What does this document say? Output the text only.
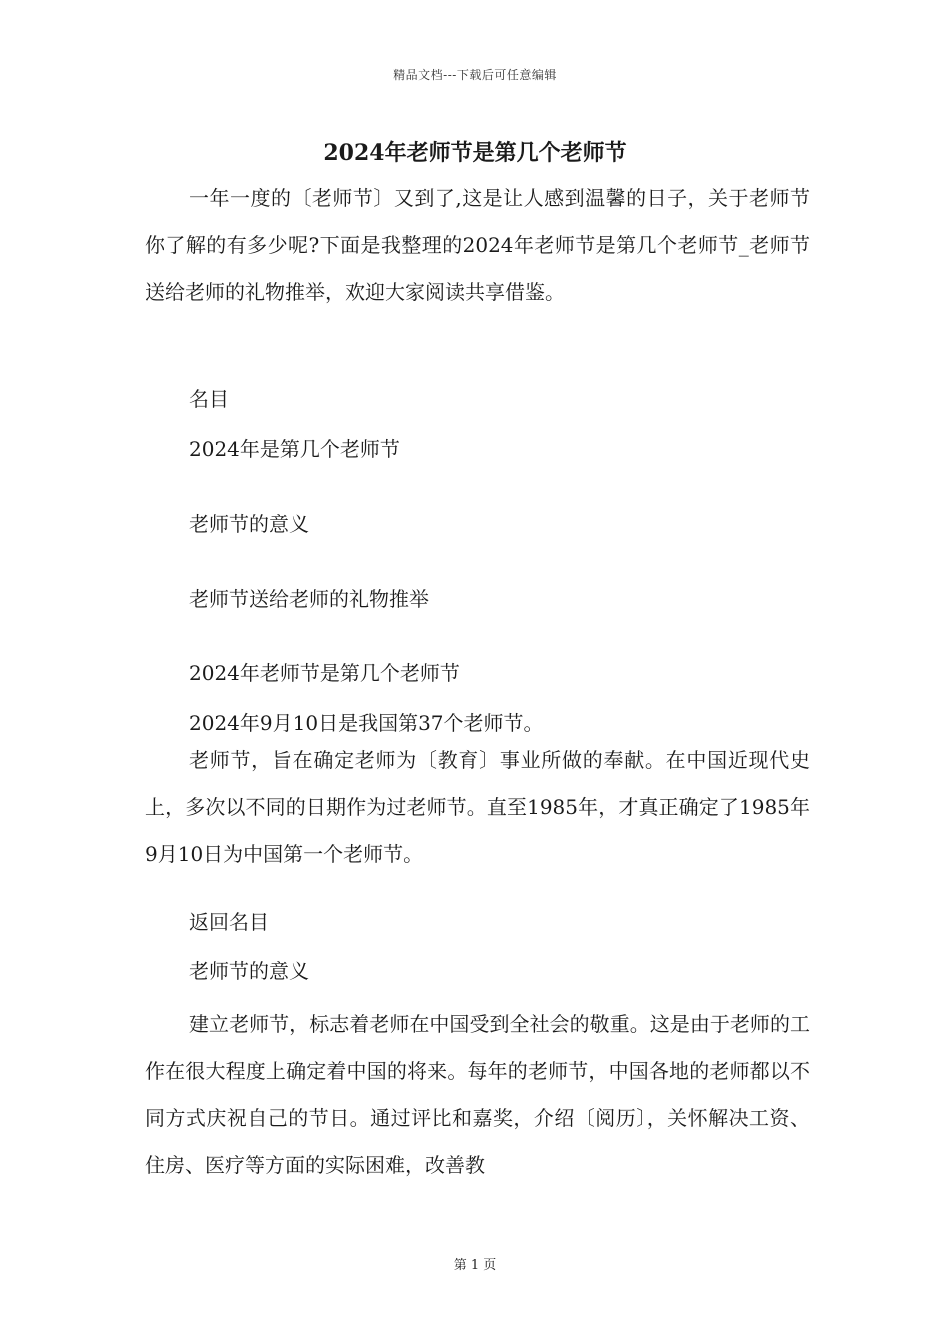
精品文档---下载后可任意编辑
2024年老师节是第几个老师节

一年一度的〔老师节〕又到了,这是让人感到温馨的日子，关于老师节你了解的有多少呢?下面是我整理的2024年老师节是第几个老师节_老师节送给老师的礼物推举，欢迎大家阅读共享借鉴。

名目
2024年是第几个老师节
老师节的意义
老师节送给老师的礼物推举
2024年老师节是第几个老师节
2024年9月10日是我国第37个老师节。

老师节，旨在确定老师为〔教育〕事业所做的奉献。在中国近现代史上，多次以不同的日期作为过老师节。直至1985年，才真正确定了1985年9月10日为中国第一个老师节。

返回名目
老师节的意义

建立老师节，标志着老师在中国受到全社会的敬重。这是由于老师的工作在很大程度上确定着中国的将来。每年的老师节，中国各地的老师都以不同方式庆祝自己的节日。通过评比和嘉奖，介绍〔阅历〕，关怀解决工资、住房、医疗等方面的实际困难，改善教

第 1 页
